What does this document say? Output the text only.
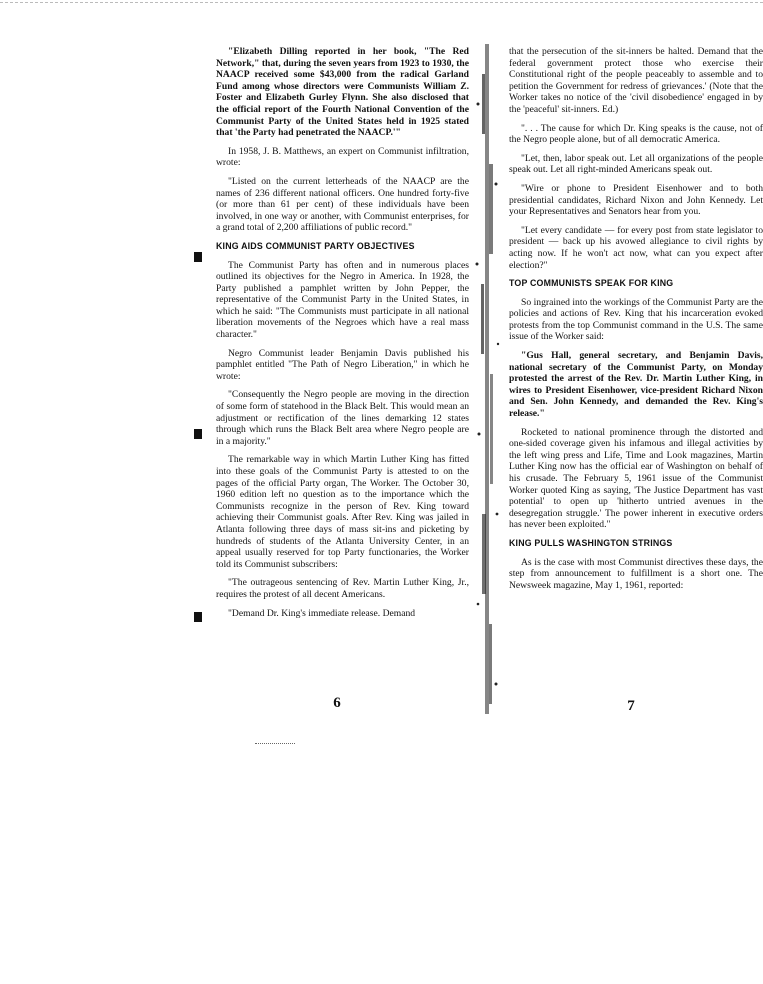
"Elizabeth Dilling reported in her book, "The Red Network," that, during the seven years from 1923 to 1930, the NAACP received some $43,000 from the radical Garland Fund among whose directors were Communists William Z. Foster and Elizabeth Gurley Flynn. She also disclosed that the official report of the Fourth National Convention of the Communist Party of the United States held in 1925 stated that 'the Party had penetrated the NAACP.'"

In 1958, J. B. Matthews, an expert on Communist infiltration, wrote:

"Listed on the current letterheads of the NAACP are the names of 236 different national officers. One hundred forty-five (or more than 61 per cent) of these individuals have been involved, in one way or another, with Communist enterprises, for a grand total of 2,200 affiliations of public record."

KING AIDS COMMUNIST PARTY OBJECTIVES

The Communist Party has often and in numerous places outlined its objectives for the Negro in America. In 1928, the Party published a pamphlet written by John Pepper, the representative of the Communist Party in the United States, in which he said: "The Communists must participate in all national liberation movements of the Negroes which have a real mass character."

Negro Communist leader Benjamin Davis published his pamphlet entitled "The Path of Negro Liberation," in which he wrote:

"Consequently the Negro people are moving in the direction of some form of statehood in the Black Belt. This would mean an adjustment or rectification of the lines demarking 12 states through which runs the Black Belt area where Negro people are in a majority."

The remarkable way in which Martin Luther King has fitted into these goals of the Communist Party is attested to on the pages of the official Party organ, The Worker. The October 30, 1960 edition left no question as to the importance which the Communists recognize in the person of Rev. King toward achieving their Communist goals. After Rev. King was jailed in Atlanta following three days of mass sit-ins and picketing by hundreds of students of the Atlanta University Center, in an appeal usually reserved for top Party functionaries, the Worker told its Communist subscribers:

"The outrageous sentencing of Rev. Martin Luther King, Jr., requires the protest of all decent Americans.

"Demand Dr. King's immediate release. Demand

6

that the persecution of the sit-inners be halted. Demand that the federal government protect those who exercise their Constitutional right of the people peaceably to assemble and to petition the Government for redress of grievances.' (Note that the Worker takes no notice of the 'civil disobedience' engaged in by the 'peaceful' sit-inners. Ed.)

". . . The cause for which Dr. King speaks is the cause, not of the Negro people alone, but of all democratic America.

"Let, then, labor speak out. Let all organizations of the people speak out. Let all right-minded Americans speak out.

"Wire or phone to President Eisenhower and to both presidential candidates, Richard Nixon and John Kennedy. Let your Representatives and Senators hear from you.

"Let every candidate — for every post from state legislator to president — back up his avowed allegiance to civil rights by acting now. If he won't act now, what can you expect after election?"

TOP COMMUNISTS SPEAK FOR KING

So ingrained into the workings of the Communist Party are the policies and actions of Rev. King that his incarceration evoked protests from the top Communist command in the U.S. The same issue of the Worker said:

"Gus Hall, general secretary, and Benjamin Davis, national secretary of the Communist Party, on Monday protested the arrest of the Rev. Dr. Martin Luther King, in wires to President Eisenhower, vice-president Richard Nixon and Sen. John Kennedy, and demanded the Rev. King's release."

Rocketed to national prominence through the distorted and one-sided coverage given his infamous and illegal activities by the left wing press and Life, Time and Look magazines, Martin Luther King now has the official ear of Washington on behalf of his crusade. The February 5, 1961 issue of the Communist Worker quoted King as saying, 'The Justice Department has vast potential' to open up 'hitherto untried avenues in the desegregation struggle.' The power inherent in executive orders has never been exploited."

KING PULLS WASHINGTON STRINGS

As is the case with most Communist directives these days, the step from announcement to fulfillment is a short one. The Newsweek magazine, May 1, 1961, reported:

7
